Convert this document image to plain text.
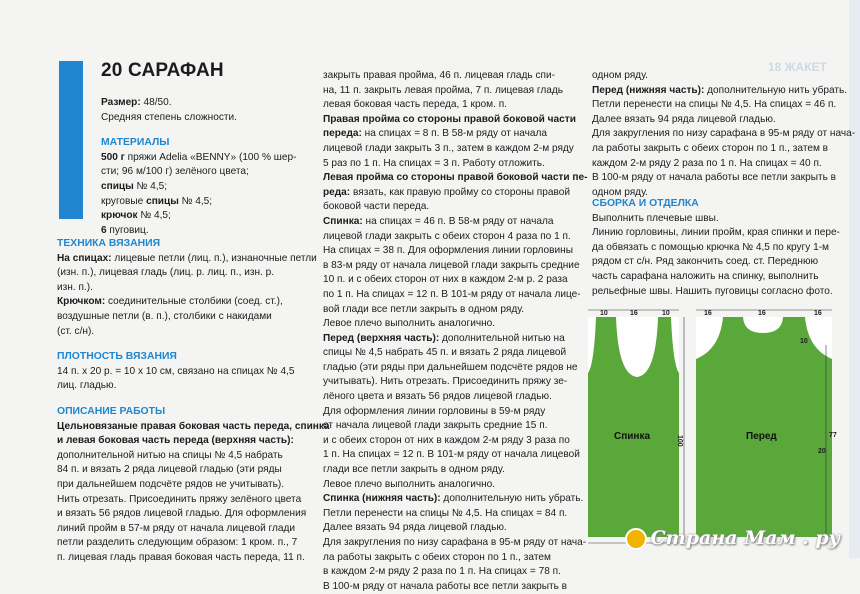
20 САРАФАН

Размер: 48/50.

Средняя степень сложности.

МАТЕРИАЛЫ

500 г пряжи Adelia «BENNY» (100 % шер-

сти; 96 м/100 г) зелёного цвета;

спицы № 4,5;

круговые спицы № 4,5;

крючок № 4,5;

6 пуговиц.

ТЕХНИКА ВЯЗАНИЯ

На спицах: лицевые петли (лиц. п.), изнаночные петли

(изн. п.), лицевая гладь (лиц. р. лиц. п., изн. р.

изн. п.).

Крючком: соединительные столбики (соед. ст.),

воздушные петли (в. п.), столбики с накидами

(ст. с/н).

ПЛОТНОСТЬ ВЯЗАНИЯ

14 п. х 20 р. = 10 х 10 см, связано на спицах № 4,5

лиц. гладью.

ОПИСАНИЕ РАБОТЫ

Цельновязаные правая боковая часть переда, спинка

и левая боковая часть переда (верхняя часть):

дополнительной нитью на спицы № 4,5 набрать

84 п. и вязать 2 ряда лицевой гладью (эти ряды

при дальнейшем подсчёте рядов не учитывать).

Нить отрезать. Присоединить пряжу зелёного цвета

и вязать 56 рядов лицевой гладью. Для оформления

линий пройм в 57-м ряду от начала лицевой глади

петли разделить следующим образом: 1 кром. п., 7

п. лицевая гладь правая боковая часть переда, 11 п.

закрыть правая пройма, 46 п. лицевая гладь спи-

на, 11 п. закрыть левая пройма, 7 п. лицевая гладь

левая боковая часть переда, 1 кром. п.

Правая пройма со стороны правой боковой части

переда: на спицах = 8 п. В 58-м ряду от начала

лицевой глади закрыть 3 п., затем в каждом 2-м ряду

5 раз по 1 п. На спицах = 3 п. Работу отложить.

Левая пройма со стороны правой боковой части пе-

реда: вязать, как правую пройму со стороны правой

боковой части переда.

Спинка: на спицах = 46 п. В 58-м ряду от начала

лицевой глади закрыть с обеих сторон 4 раза по 1 п.

На спицах = 38 п. Для оформления линии горловины

в 83-м ряду от начала лицевой глади закрыть средние

10 п. и с обеих сторон от них в каждом 2-м р. 2 раза

по 1 п. На спицах = 12 п. В 101-м ряду от начала лице-

вой глади все петли закрыть в одном ряду.

Левое плечо выполнить аналогично.

Перед (верхняя часть): дополнительной нитью на

спицы № 4,5 набрать 45 п. и вязать 2 ряда лицевой

гладью (эти ряды при дальнейшем подсчёте рядов не

учитывать). Нить отрезать. Присоединить пряжу зе-

лёного цвета и вязать 56 рядов лицевой гладью.

Для оформления линии горловины в 59-м ряду

от начала лицевой глади закрыть средние 15 п.

и с обеих сторон от них в каждом 2-м ряду 3 раза по

1 п. На спицах = 12 п. В 101-м ряду от начала лицевой

глади все петли закрыть в одном ряду.

Левое плечо выполнить аналогично.

Спинка (нижняя часть): дополнительную нить убрать.

Петли перенести на спицы № 4,5. На спицах = 84 п.

Далее вязать 94 ряда лицевой гладью.

Для закругления по низу сарафана в 95-м ряду от нача-

ла работы закрыть с обеих сторон по 1 п., затем

в каждом 2-м ряду 2 раза по 1 п. На спицах = 78 п.

В 100-м ряду от начала работы все петли закрыть в

одном ряду.

Перед (нижняя часть): дополнительную нить убрать.

Петли перенести на спицы № 4,5. На спицах = 46 п.

Далее вязать 94 ряда лицевой гладью.

Для закругления по низу сарафана в 95-м ряду от нача-

ла работы закрыть с обеих сторон по 1 п., затем в

каждом 2-м ряду 2 раза по 1 п. На спицах = 40 п.

В 100-м ряду от начала работы все петли закрыть в

одном ряду.

18 ЖАКЕТ

СБОРКА И ОТДЕЛКА

Выполнить плечевые швы.

Линию горловины, линии пройм, края спинки и пере-

да обвязать с помощью крючка № 4,5 по кругу 1-м

рядом ст с/н. Ряд закончить соед. ст. Переднюю

часть сарафана наложить на спинку, выполнить

рельефные швы. Нашить пуговицы согласно фото.

10	16	10
23
100
16	16	16
12
10
77
20
Спинка	Перед
Страна Мам . ру
